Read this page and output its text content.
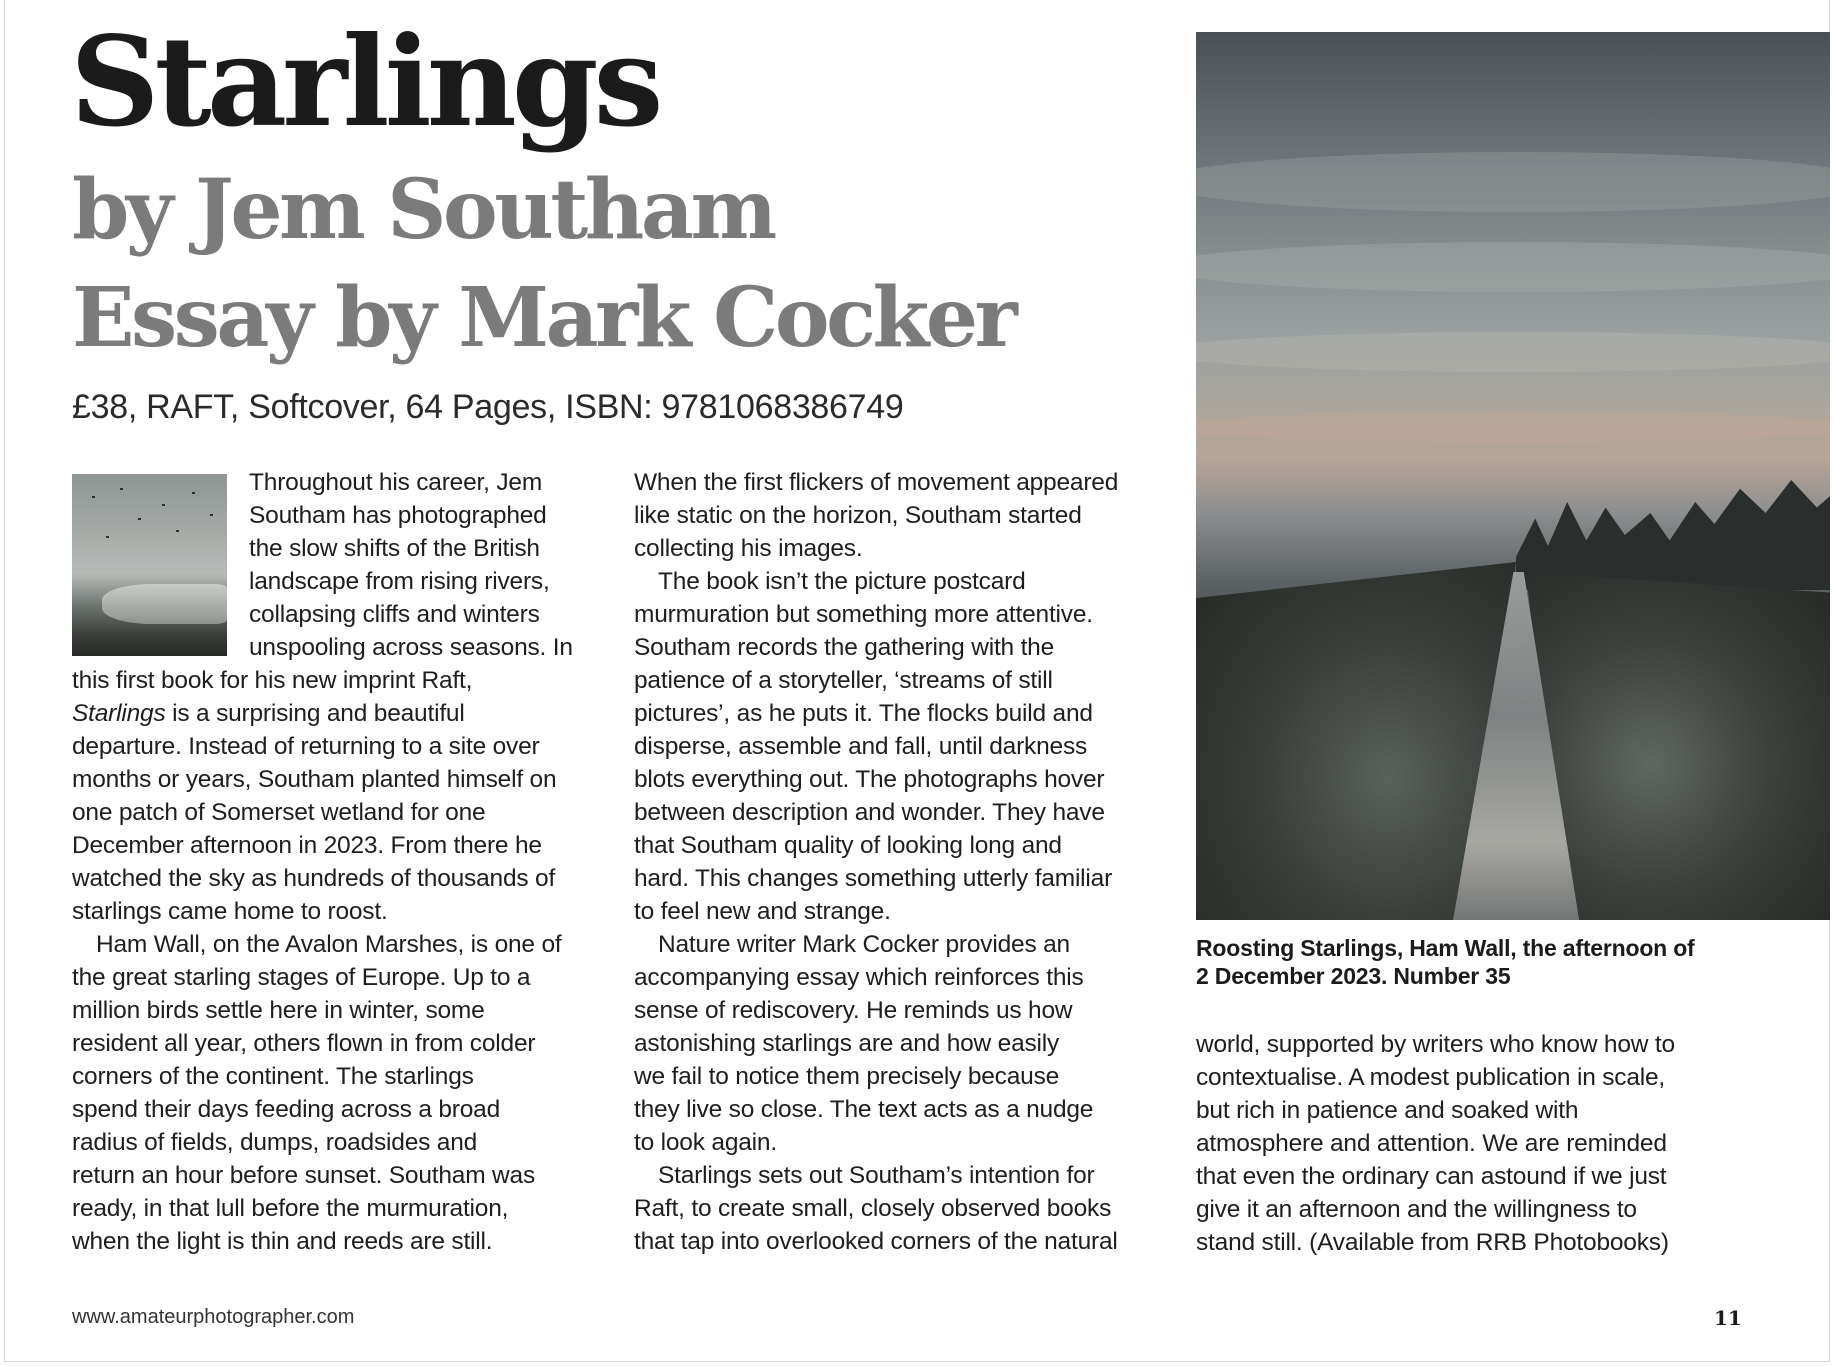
Starlings
by Jem Southam
Essay by Mark Cocker
£38, RAFT, Softcover, 64 Pages, ISBN: 9781068386749

Throughout his career, Jem
Southam has photographed
the slow shifts of the British
landscape from rising rivers,
collapsing cliffs and winters
unspooling across seasons. In
this first book for his new imprint Raft,
Starlings is a surprising and beautiful
departure. Instead of returning to a site over
months or years, Southam planted himself on
one patch of Somerset wetland for one
December afternoon in 2023. From there he
watched the sky as hundreds of thousands of
starlings came home to roost.

Ham Wall, on the Avalon Marshes, is one of
the great starling stages of Europe. Up to a
million birds settle here in winter, some
resident all year, others flown in from colder
corners of the continent. The starlings
spend their days feeding across a broad
radius of fields, dumps, roadsides and
return an hour before sunset. Southam was
ready, in that lull before the murmuration,
when the light is thin and reeds are still.

When the first flickers of movement appeared
like static on the horizon, Southam started
collecting his images.

The book isn’t the picture postcard
murmuration but something more attentive.
Southam records the gathering with the
patience of a storyteller, ‘streams of still
pictures’, as he puts it. The flocks build and
disperse, assemble and fall, until darkness
blots everything out. The photographs hover
between description and wonder. They have
that Southam quality of looking long and
hard. This changes something utterly familiar
to feel new and strange.

Nature writer Mark Cocker provides an
accompanying essay which reinforces this
sense of rediscovery. He reminds us how
astonishing starlings are and how easily
we fail to notice them precisely because
they live so close. The text acts as a nudge
to look again.

Starlings sets out Southam’s intention for
Raft, to create small, closely observed books
that tap into overlooked corners of the natural

Roosting Starlings, Ham Wall, the afternoon of
2 December 2023. Number 35

world, supported by writers who know how to
contextualise. A modest publication in scale,
but rich in patience and soaked with
atmosphere and attention. We are reminded
that even the ordinary can astound if we just
give it an afternoon and the willingness to
stand still. (Available from RRB Photobooks)

www.amateurphotographer.com	11
